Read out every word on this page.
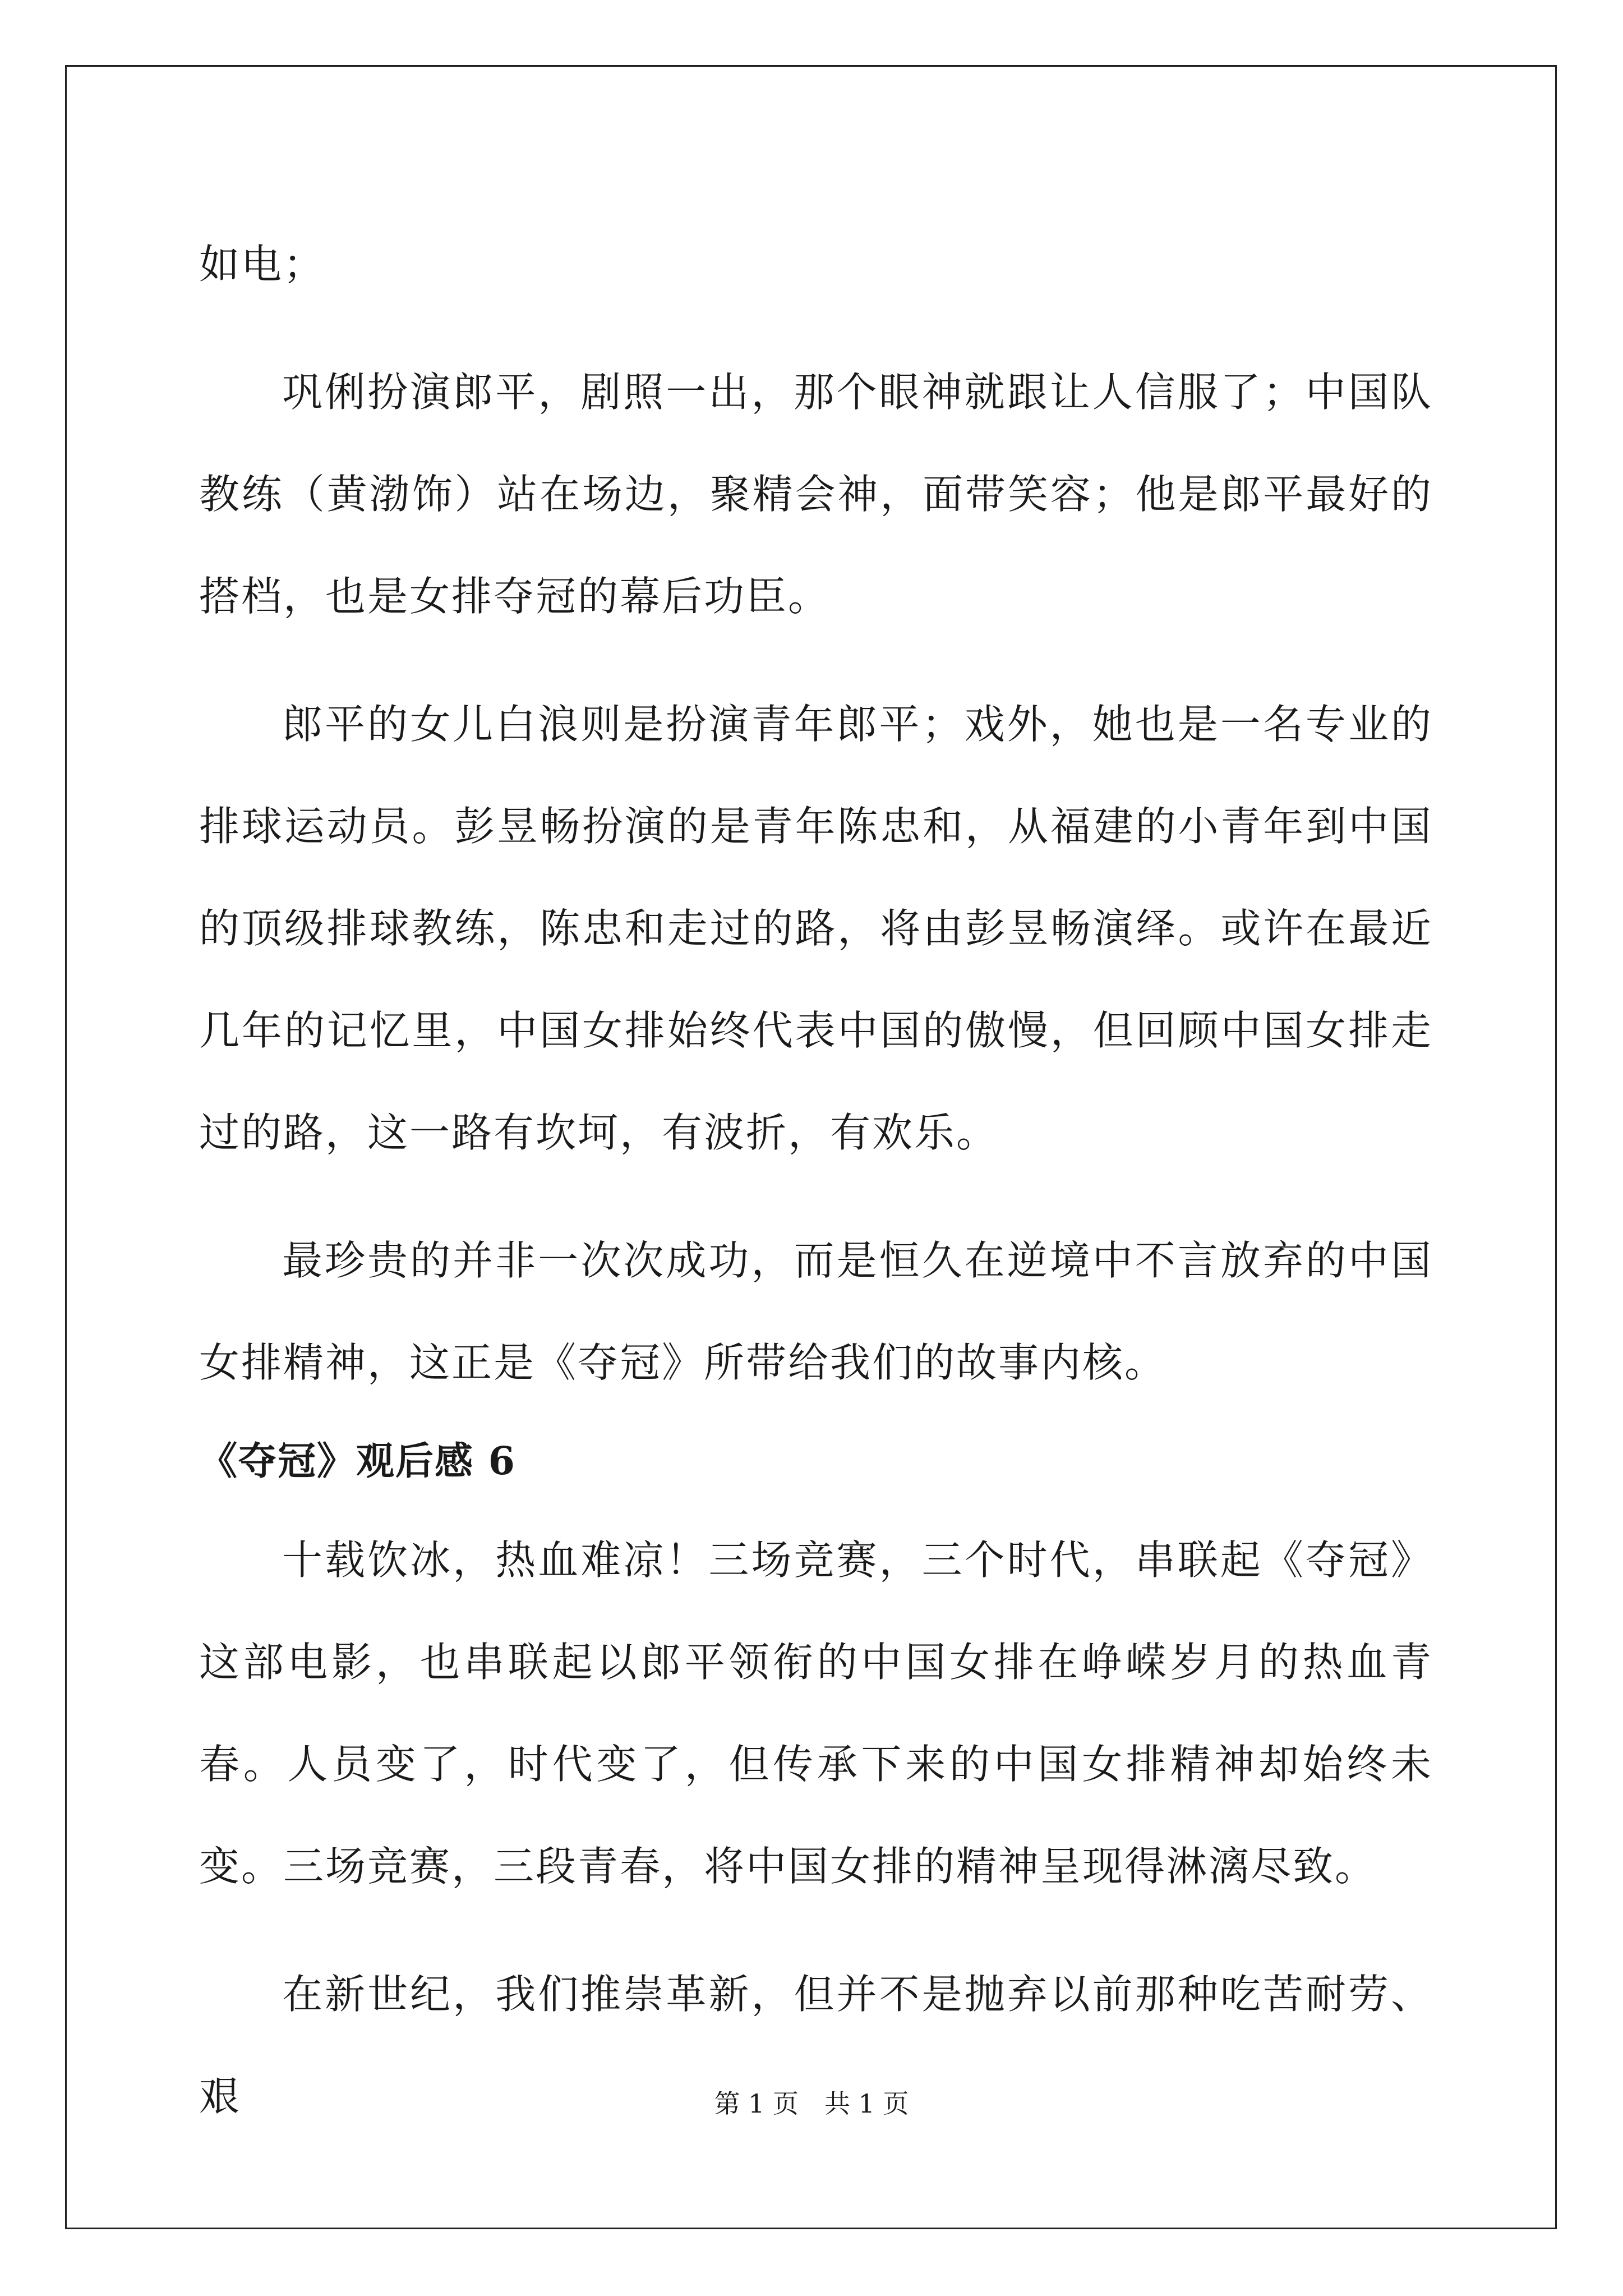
如电；

巩俐扮演郎平，剧照一出，那个眼神就跟让人信服了；中国队教练（黄渤饰）站在场边，聚精会神，面带笑容；他是郎平最好的搭档，也是女排夺冠的幕后功臣。

郎平的女儿白浪则是扮演青年郎平；戏外，她也是一名专业的排球运动员。彭昱畅扮演的是青年陈忠和，从福建的小青年到中国的顶级排球教练，陈忠和走过的路，将由彭昱畅演绎。或许在最近几年的记忆里，中国女排始终代表中国的傲慢，但回顾中国女排走过的路，这一路有坎坷，有波折，有欢乐。

最珍贵的并非一次次成功，而是恒久在逆境中不言放弃的中国女排精神，这正是《夺冠》所带给我们的故事内核。

《夺冠》观后感 6

十载饮冰，热血难凉！三场竞赛，三个时代，串联起《夺冠》这部电影，也串联起以郎平领衔的中国女排在峥嵘岁月的热血青春。人员变了，时代变了，但传承下来的中国女排精神却始终未变。三场竞赛，三段青春，将中国女排的精神呈现得淋漓尽致。

在新世纪，我们推崇革新，但并不是抛弃以前那种吃苦耐劳、艰	第 1 页　共 1 页
